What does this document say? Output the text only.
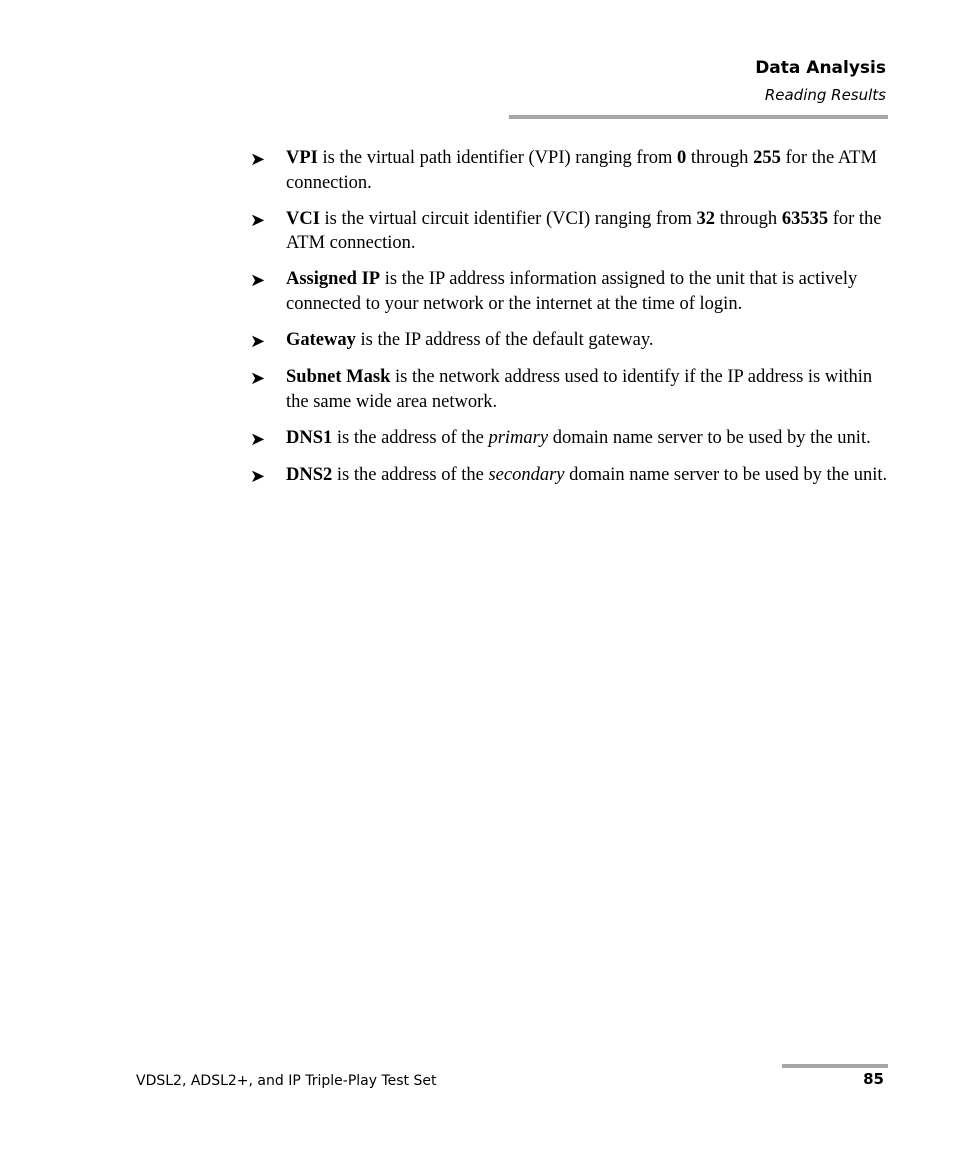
Data Analysis
Reading Results
➤	VPI is the virtual path identifier (VPI) ranging from 0 through 255 for the ATM connection.
➤	VCI is the virtual circuit identifier (VCI) ranging from 32 through 63535 for the ATM connection.
➤	Assigned IP is the IP address information assigned to the unit that is actively connected to your network or the internet at the time of login.
➤	Gateway is the IP address of the default gateway.
➤	Subnet Mask is the network address used to identify if the IP address is within the same wide area network.
➤	DNS1 is the address of the primary domain name server to be used by the unit.
➤	DNS2 is the address of the secondary domain name server to be used by the unit.
VDSL2, ADSL2+, and IP Triple-Play Test Set	85
